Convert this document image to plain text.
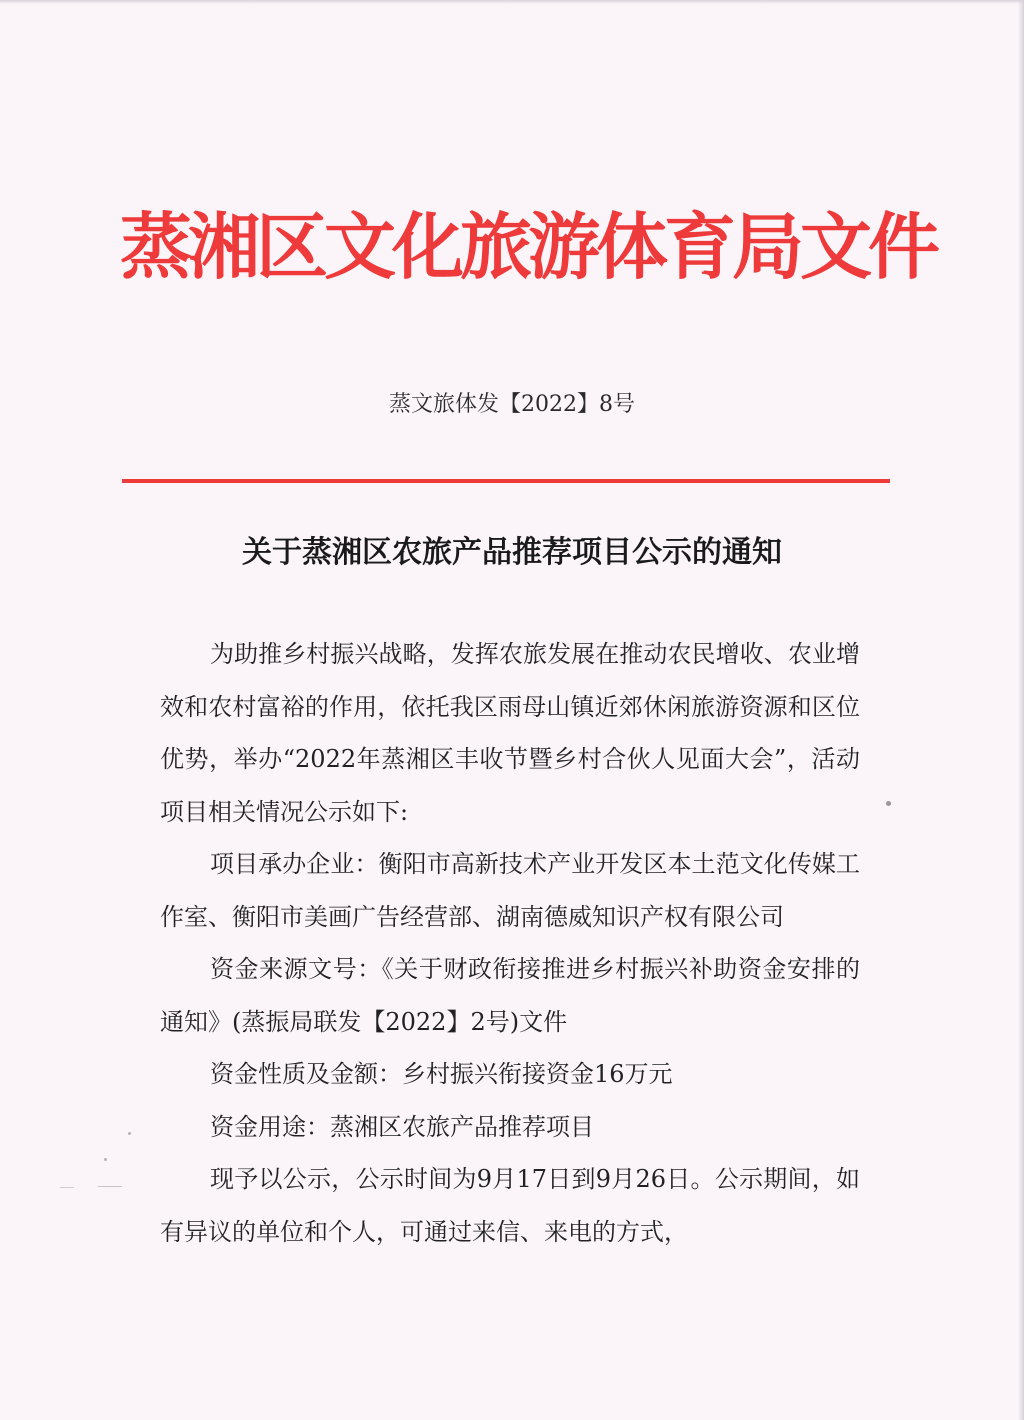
蒸湘区文化旅游体育局文件
蒸文旅体发【2022】8号
关于蒸湘区农旅产品推荐项目公示的通知

为助推乡村振兴战略，发挥农旅发展在推动农民增收、农业增效和农村富裕的作用，依托我区雨母山镇近郊休闲旅游资源和区位优势，举办“2022年蒸湘区丰收节暨乡村合伙人见面大会”，活动项目相关情况公示如下:

项目承办企业：衡阳市高新技术产业开发区本土范文化传媒工作室、衡阳市美画广告经营部、湖南德威知识产权有限公司

资金来源文号：《关于财政衔接推进乡村振兴补助资金安排的通知》(蒸振局联发【2022】2号)文件

资金性质及金额：乡村振兴衔接资金16万元

资金用途：蒸湘区农旅产品推荐项目

现予以公示，公示时间为9月17日到9月26日。公示期间，如有异议的单位和个人，可通过来信、来电的方式，
